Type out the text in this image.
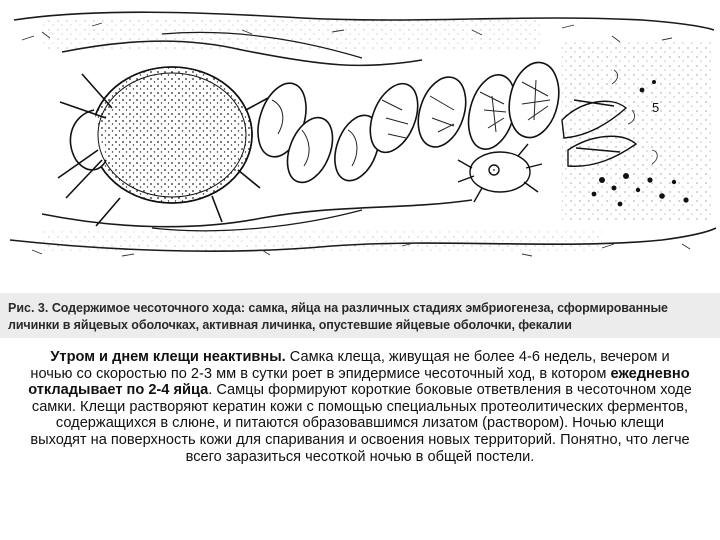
5
Рис. 3. Содержимое чесоточного хода: самка, яйца на различных стадиях эмбриогенеза, сформированные личинки в яйцевых оболочках, активная личинка, опустевшие яйцевые оболочки, фекалии
Утром и днем клещи неактивны. Самка клеща, живущая не более 4-6 недель, вечером и ночью со скоростью по 2-3 мм в сутки роет в эпидермисе чесоточный ход, в котором ежедневно откладывает по 2-4 яйца. Самцы формируют короткие боковые ответвления в чесоточном ходе самки. Клещи растворяют кератин кожи с помощью специальных протеолитических ферментов, содержащихся в слюне, и питаются образовавшимся лизатом (раствором). Ночью клещи выходят на поверхность кожи для спаривания и освоения новых территорий. Понятно, что легче всего заразиться чесоткой ночью в общей постели.
